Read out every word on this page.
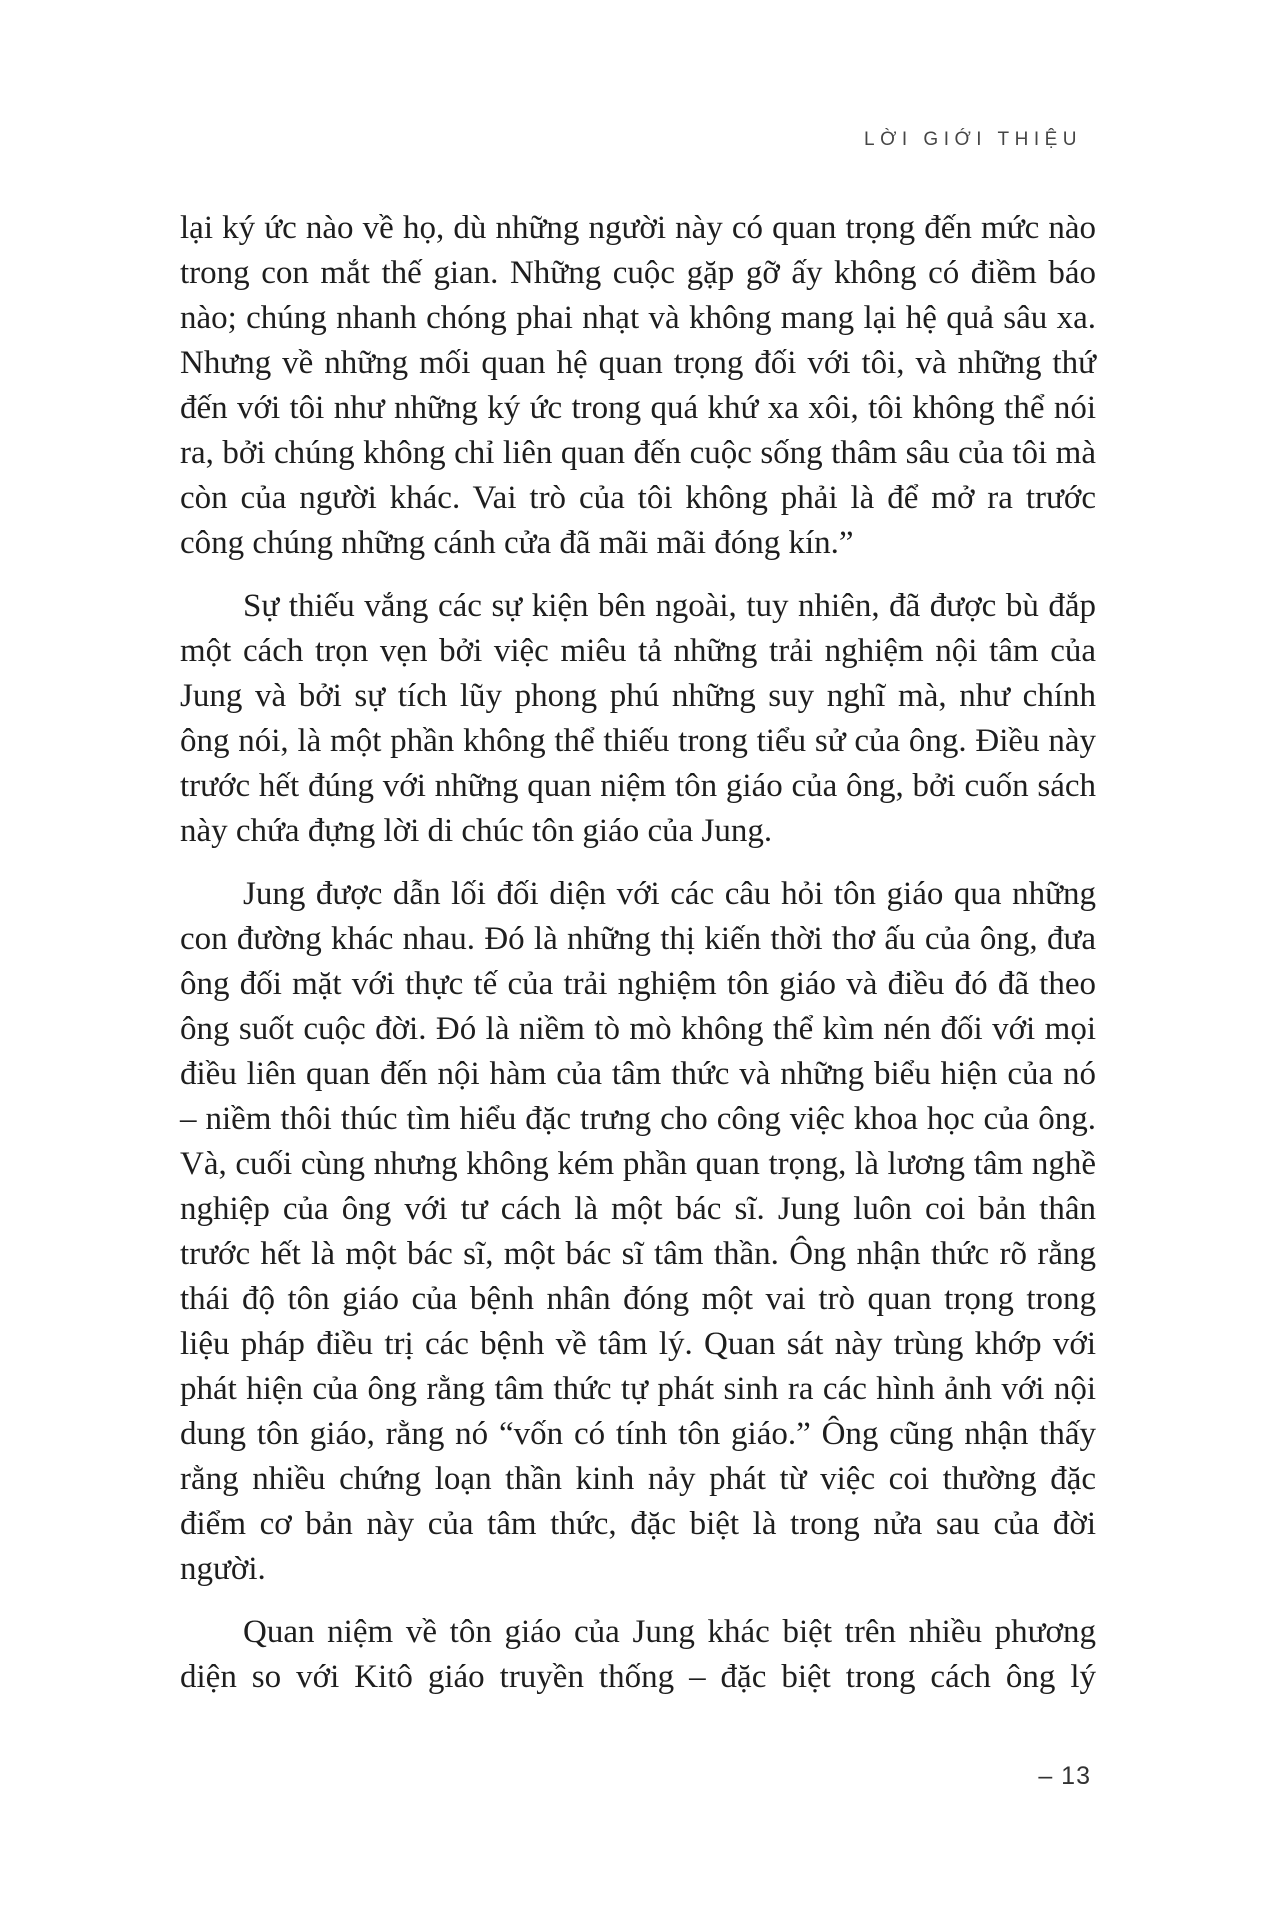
LỜI GIỚI THIỆU

lại ký ức nào về họ, dù những người này có quan trọng đến mức nào trong con mắt thế gian. Những cuộc gặp gỡ ấy không có điềm báo nào; chúng nhanh chóng phai nhạt và không mang lại hệ quả sâu xa. Nhưng về những mối quan hệ quan trọng đối với tôi, và những thứ đến với tôi như những ký ức trong quá khứ xa xôi, tôi không thể nói ra, bởi chúng không chỉ liên quan đến cuộc sống thâm sâu của tôi mà còn của người khác. Vai trò của tôi không phải là để mở ra trước công chúng những cánh cửa đã mãi mãi đóng kín.”

Sự thiếu vắng các sự kiện bên ngoài, tuy nhiên, đã được bù đắp một cách trọn vẹn bởi việc miêu tả những trải nghiệm nội tâm của Jung và bởi sự tích lũy phong phú những suy nghĩ mà, như chính ông nói, là một phần không thể thiếu trong tiểu sử của ông. Điều này trước hết đúng với những quan niệm tôn giáo của ông, bởi cuốn sách này chứa đựng lời di chúc tôn giáo của Jung.

Jung được dẫn lối đối diện với các câu hỏi tôn giáo qua những con đường khác nhau. Đó là những thị kiến thời thơ ấu của ông, đưa ông đối mặt với thực tế của trải nghiệm tôn giáo và điều đó đã theo ông suốt cuộc đời. Đó là niềm tò mò không thể kìm nén đối với mọi điều liên quan đến nội hàm của tâm thức và những biểu hiện của nó – niềm thôi thúc tìm hiểu đặc trưng cho công việc khoa học của ông. Và, cuối cùng nhưng không kém phần quan trọng, là lương tâm nghề nghiệp của ông với tư cách là một bác sĩ. Jung luôn coi bản thân trước hết là một bác sĩ, một bác sĩ tâm thần. Ông nhận thức rõ rằng thái độ tôn giáo của bệnh nhân đóng một vai trò quan trọng trong liệu pháp điều trị các bệnh về tâm lý. Quan sát này trùng khớp với phát hiện của ông rằng tâm thức tự phát sinh ra các hình ảnh với nội dung tôn giáo, rằng nó “vốn có tính tôn giáo.” Ông cũng nhận thấy rằng nhiều chứng loạn thần kinh nảy phát từ việc coi thường đặc điểm cơ bản này của tâm thức, đặc biệt là trong nửa sau của đời người.

Quan niệm về tôn giáo của Jung khác biệt trên nhiều phương diện so với Kitô giáo truyền thống – đặc biệt trong cách ông lý

– 13
